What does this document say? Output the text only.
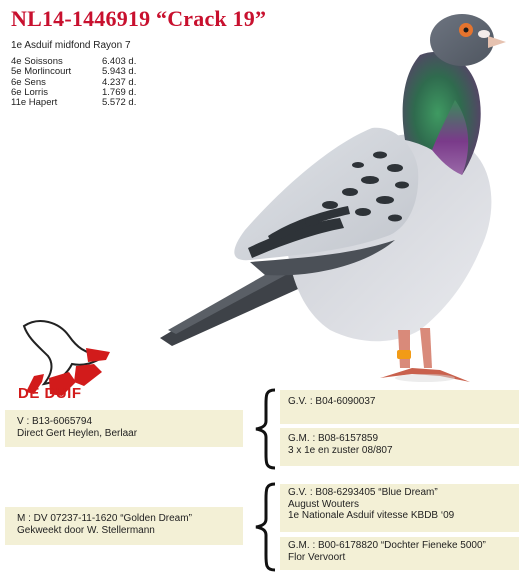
NL14-1446919 “Crack 19”
1e Asduif midfond Rayon 7
4e Soissons	6.403 d.
5e Morlincourt	5.943 d.
6e Sens	4.237 d.
6e Lorris	1.769 d.
11e Hapert	5.572 d.
DE DUIF
V : B13-6065794
Direct Gert Heylen, Berlaar
M : DV 07237-11-1620 “Golden Dream”
Gekweekt door W. Stellermann
G.V. : B04-6090037
G.M. : B08-6157859
3 x 1e en zuster 08/807
G.V. : B08-6293405 “Blue Dream”
August Wouters
1e Nationale Asduif vitesse KBDB ‘09
G.M. : B00-6178820 “Dochter Fieneke 5000”
Flor Vervoort
